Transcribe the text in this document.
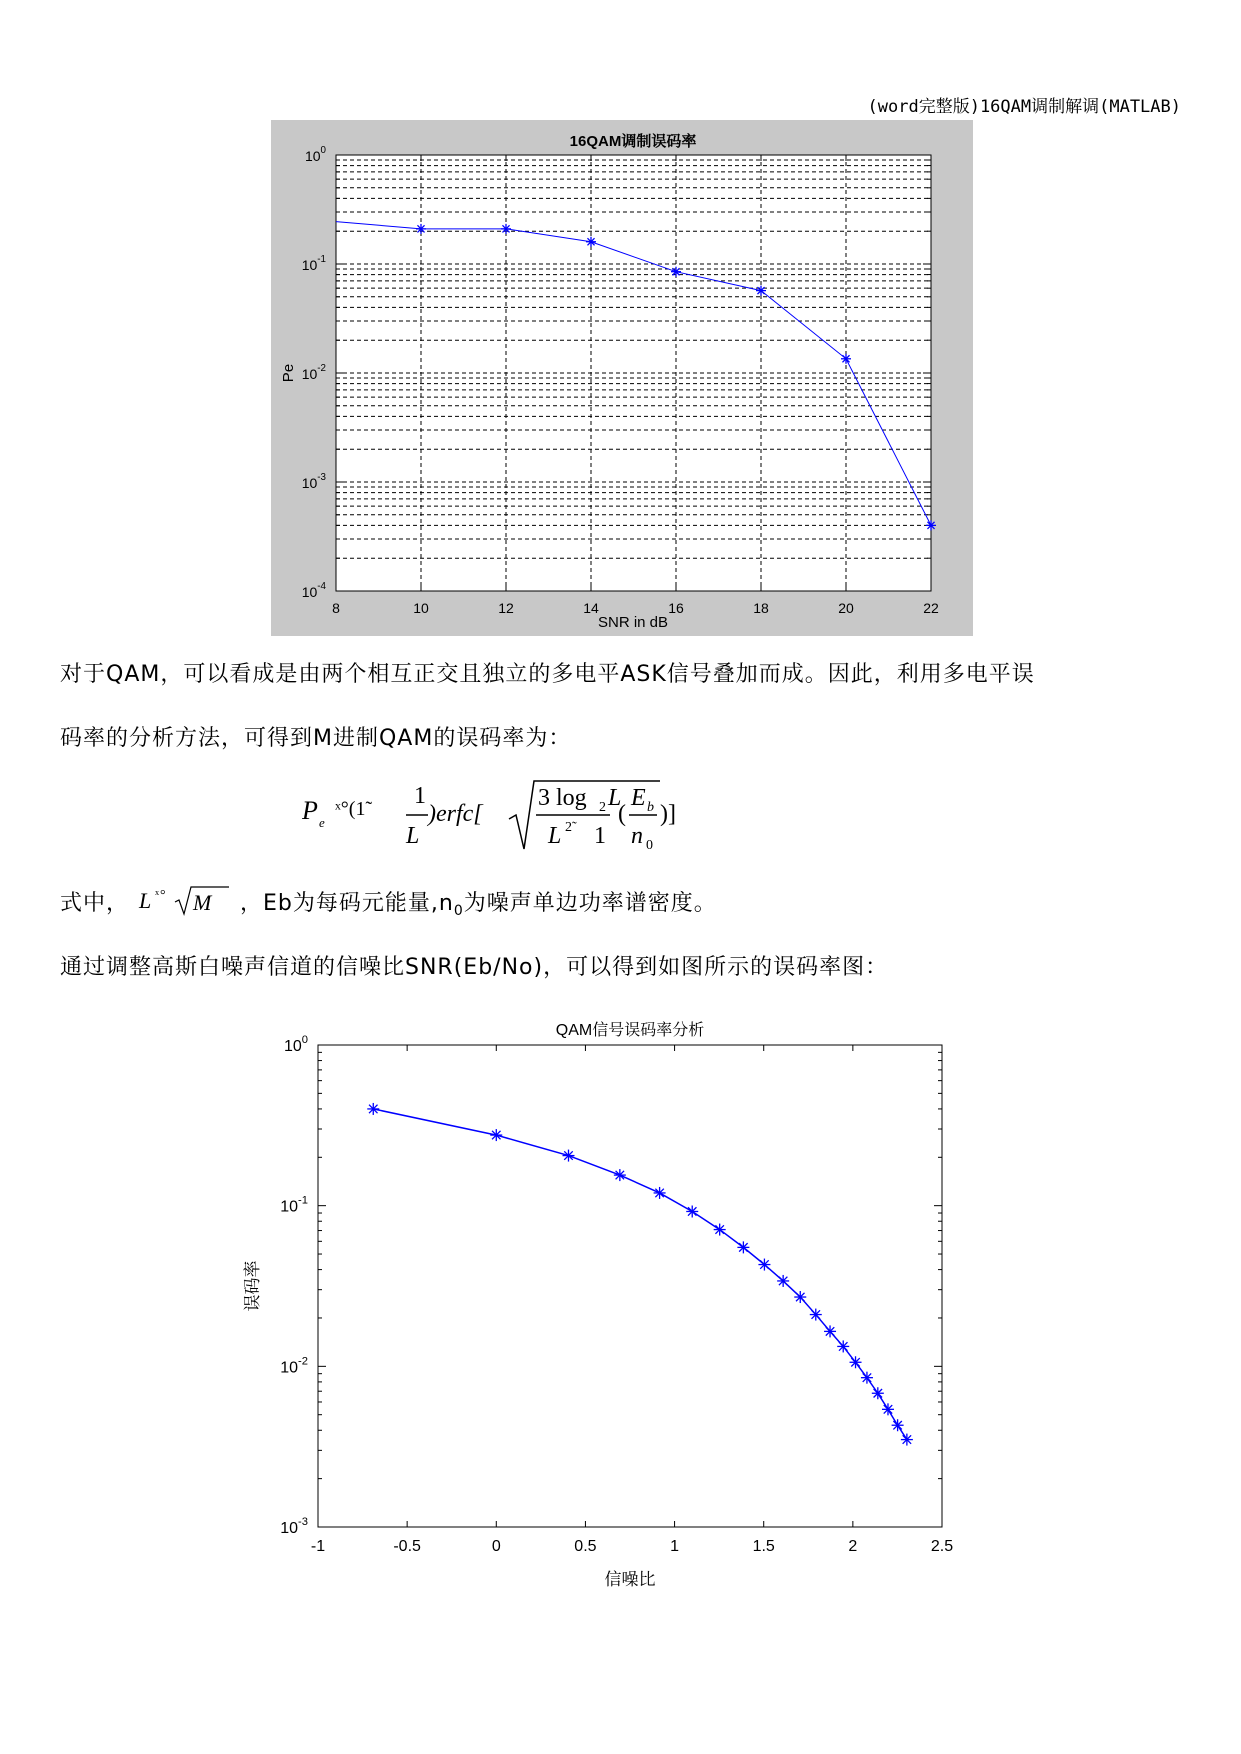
(word完整版)16QAM调制解调(MATLAB)
8	10	12	14	16	18	20	22
$10^{-4}$
$10^{-3}$
$10^{-2}$
$10^{-1}$
$10^0$
16QAM调制误码率
SNR in dB
Pe
对于QAM，可以看成是由两个相互正交且独立的多电平ASK信号叠加而成。因此，利用多电平误
码率的分析方法，可得到M进制QAM的误码率为：
P e
ˣ°(1̃ 1
L
)erfc[
3 log 2 L
L 2̃ 1
(
E b
n 0
)]
式中， L ˣ° M ，Eb为每码元能量$,n_0$为噪声单边功率谱密度。
通过调整高斯白噪声信道的信噪比SNR(Eb/No)，可以得到如图所示的误码率图：
-1	-0.5	0	0.5	1	1.5	2	2.5
$10^{-3}$
$10^{-2}$
$10^{-1}$
$10^0$
QAM信号误码率分析
信噪比
误码率
